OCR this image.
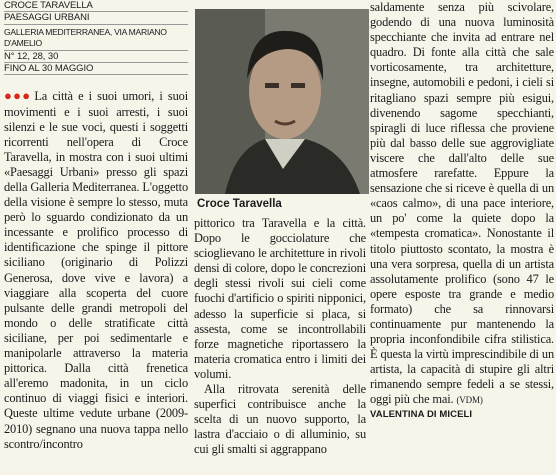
CROCE TARAVELLA
PAESAGGI URBANI
GALLERIA MEDITERRANEA, VIA MARIANO D'AMELIO
N° 12, 28, 30
FINO AL 30 MAGGIO

●●● La città e i suoi umori, i suoi movimenti e i suoi arresti, i suoi silenzi e le sue voci, questi i soggetti ricorrenti nell'opera di Croce Taravella, in mostra con i suoi ultimi «Paesaggi Urbani» presso gli spazi della Galleria Mediterranea. L'oggetto della visione è sempre lo stesso, muta però lo sguardo condizionato da un incessante e prolifico processo di identificazione che spinge il pittore siciliano (originario di Polizzi Generosa, dove vive e lavora) a viaggiare alla scoperta del cuore pulsante delle grandi metropoli del mondo o delle stratificate città siciliane, per poi sedimentarle e manipolarle attraverso la materia pittorica. Dalla città frenetica all'eremo madonita, in un ciclo continuo di viaggi fisici e interiori. Queste ultime vedute urbane (2009-2010) segnano una nuova tappa nello scontro/incontro

Croce Taravella

pittorico tra Taravella e la città. Dopo le gocciolature che scioglievano le architetture in rivoli densi di colore, dopo le concrezioni degli stessi rivoli sui cieli come fuochi d'artificio o spiriti nipponici, adesso la superficie si placa, si assesta, come se incontrollabili forze magnetiche riportassero la materia cromatica entro i limiti dei volumi.

Alla ritrovata serenità delle superfici contribuisce anche la scelta di un nuovo supporto, la lastra d'acciaio o di alluminio, su cui gli smalti si aggrappano

saldamente senza più scivolare, godendo di una nuova luminosità specchiante che invita ad entrare nel quadro. Di fonte alla città che sale vorticosamente, tra architetture, insegne, automobili e pedoni, i cieli si ritagliano spazi sempre più esigui, divenendo sagome specchianti, spiragli di luce riflessa che proviene più dal basso delle sue aggrovigliate viscere che dall'alto delle sue atmosfere rarefatte. Eppure la sensazione che si riceve è quella di un «caos calmo», di una pace interiore, un po' come la quiete dopo la «tempesta cromatica». Nonostante il titolo piuttosto scontato, la mostra è una vera sorpresa, quella di un artista assolutamente prolifico (sono 47 le opere esposte tra grande e medio formato) che sa rinnovarsi continuamente pur mantenendo la propria inconfondibile cifra stilistica. È questa la virtù imprescindibile di un artista, la capacità di stupire gli altri rimanendo sempre fedeli a se stessi, oggi più che mai. (VDM)

VALENTINA DI MICELI
